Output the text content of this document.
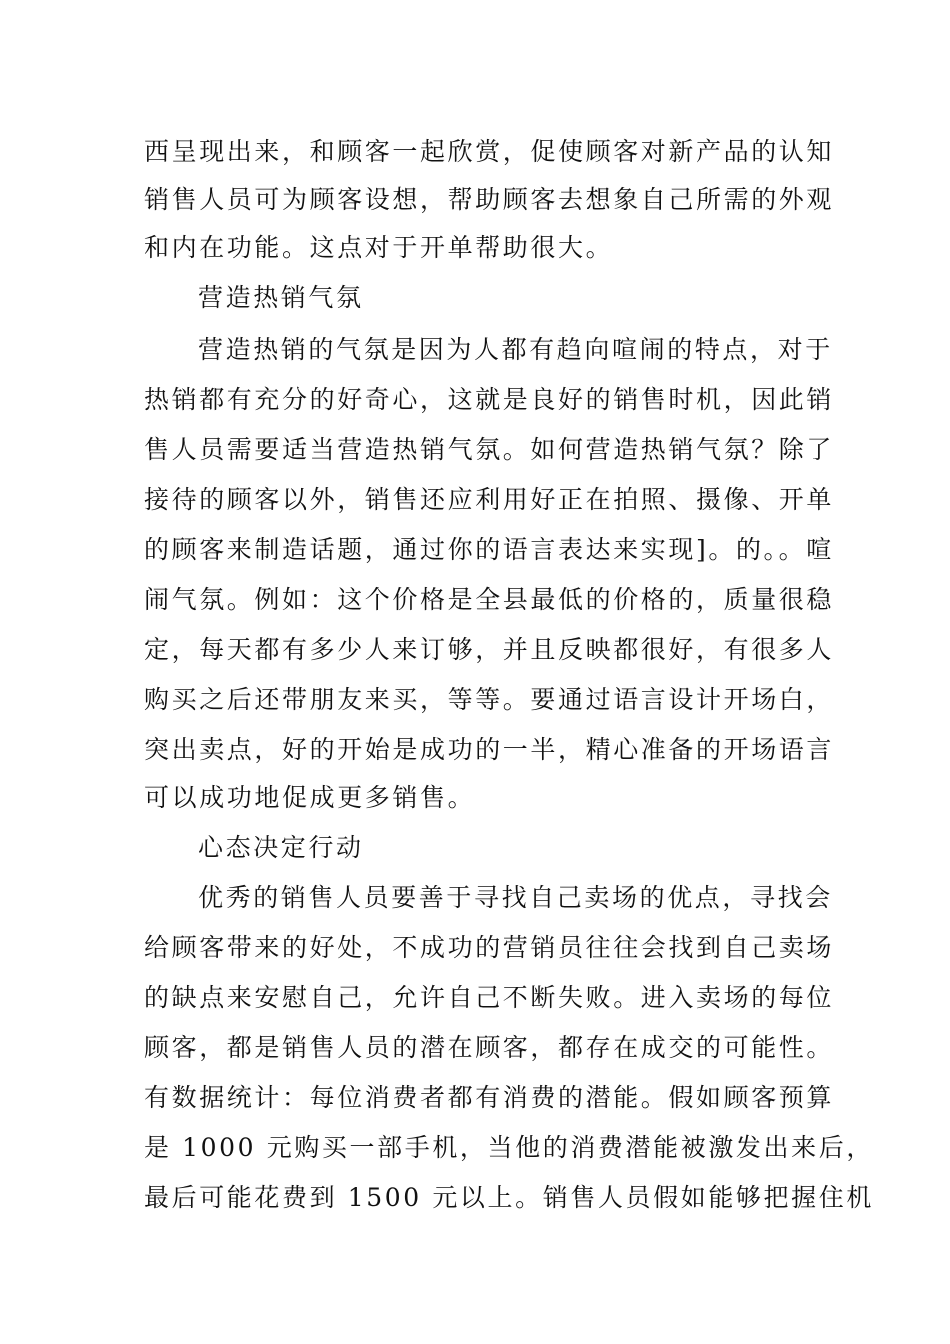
西呈现出来，和顾客一起欣赏，促使顾客对新产品的认知
销售人员可为顾客设想，帮助顾客去想象自己所需的外观
和内在功能。这点对于开单帮助很大。
营造热销气氛
营造热销的气氛是因为人都有趋向喧闹的特点，对于
热销都有充分的好奇心，这就是良好的销售时机，因此销
售人员需要适当营造热销气氛。如何营造热销气氛？除了
接待的顾客以外，销售还应利用好正在拍照、摄像、开单
的顾客来制造话题，通过你的语言表达来实现]。的。。喧
闹气氛。例如：这个价格是全县最低的价格的，质量很稳
定，每天都有多少人来订够，并且反映都很好，有很多人
购买之后还带朋友来买，等等。要通过语言设计开场白，
突出卖点，好的开始是成功的一半，精心准备的开场语言
可以成功地促成更多销售。
心态决定行动
优秀的销售人员要善于寻找自己卖场的优点，寻找会
给顾客带来的好处，不成功的营销员往往会找到自己卖场
的缺点来安慰自己，允许自己不断失败。进入卖场的每位
顾客，都是销售人员的潜在顾客，都存在成交的可能性。
有数据统计：每位消费者都有消费的潜能。假如顾客预算
是 1000 元购买一部手机，当他的消费潜能被激发出来后，
最后可能花费到 1500 元以上。销售人员假如能够把握住机
